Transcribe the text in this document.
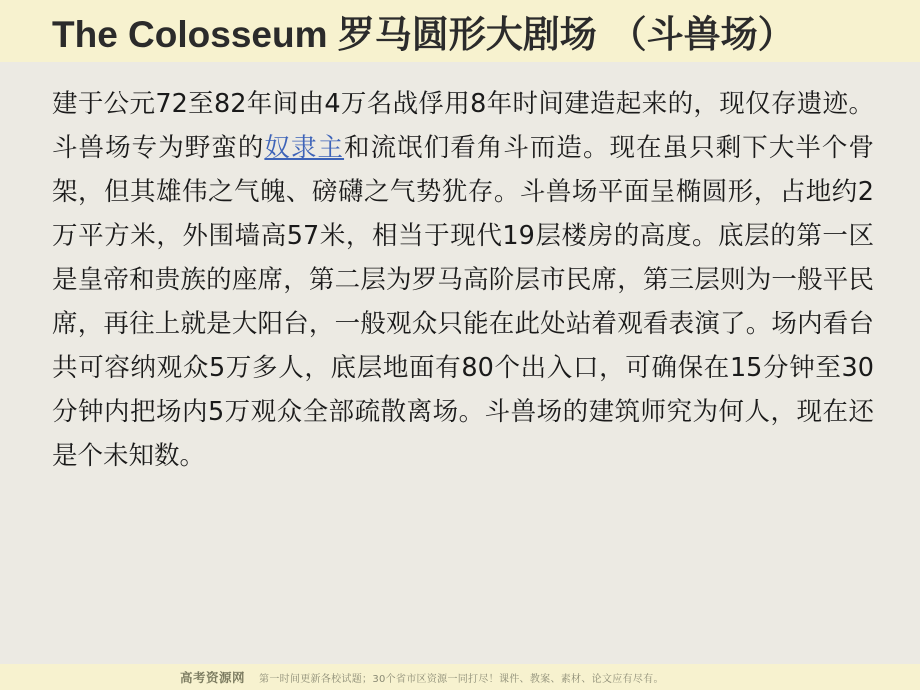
The Colosseum 罗马圆形大剧场 （斗兽场）

建于公元72至82年间由4万名战俘用8年时间建造起来的，现仅存遗迹。斗兽场专为野蛮的奴隶主和流氓们看角斗而造。现在虽只剩下大半个骨架，但其雄伟之气魄、磅礴之气势犹存。斗兽场平面呈椭圆形，占地约2万平方米，外围墙高57米，相当于现代19层楼房的高度。底层的第一区是皇帝和贵族的座席，第二层为罗马高阶层市民席，第三层则为一般平民席，再往上就是大阳台，一般观众只能在此处站着观看表演了。场内看台共可容纳观众5万多人，底层地面有80个出入口，可确保在15分钟至30分钟内把场内5万观众全部疏散离场。斗兽场的建筑师究为何人，现在还是个未知数。

高考资源网 第一时间更新各校试题；30个省市区资源一同打尽！课件、教案、素材、论文应有尽有。
